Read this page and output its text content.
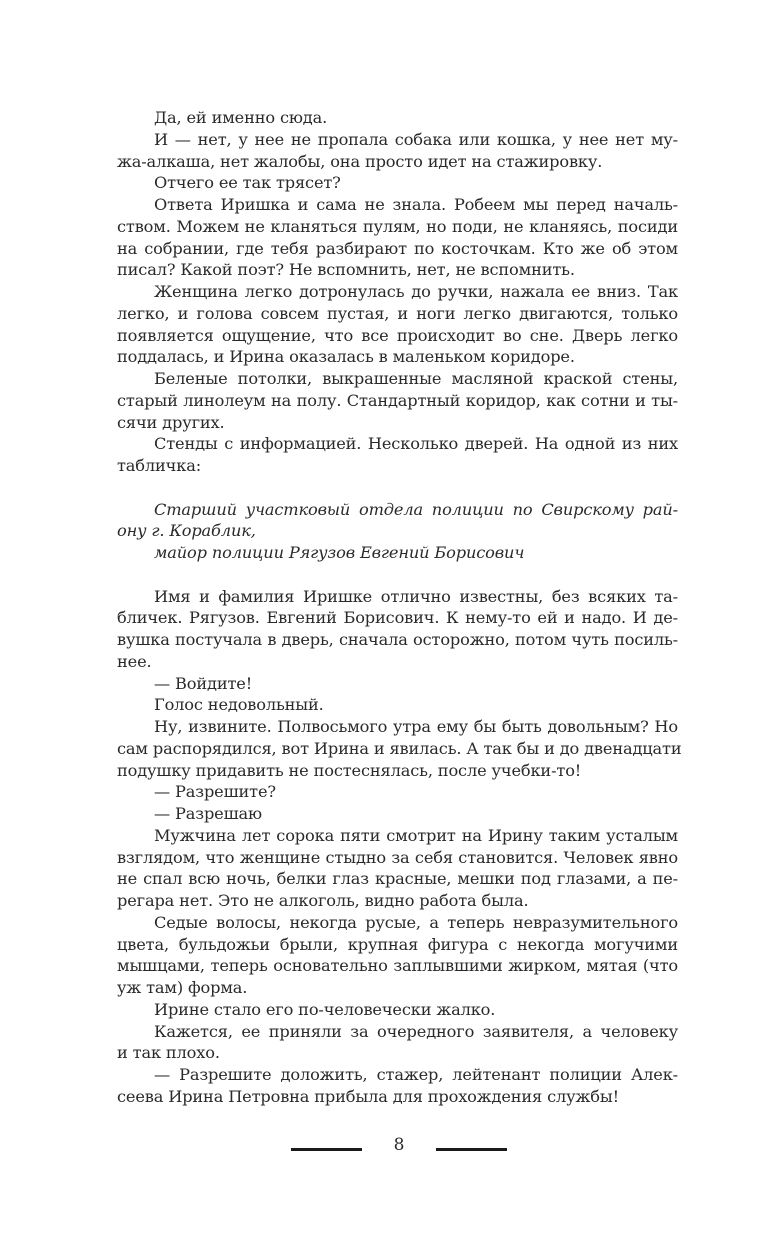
Да, ей именно сюда.
И — нет, у нее не пропала собака или кошка, у нее нет му-
жа-алкаша, нет жалобы, она просто идет на стажировку.
Отчего ее так трясет?
Ответа Иришка и сама не знала. Робеем мы перед началь-
ством. Можем не кланяться пулям, но поди, не кланяясь, посиди
на собрании, где тебя разбирают по косточкам. Кто же об этом
писал? Какой поэт? Не вспомнить, нет, не вспомнить.
Женщина легко дотронулась до ручки, нажала ее вниз. Так
легко, и голова совсем пустая, и ноги легко двигаются, только
появляется ощущение, что все происходит во сне. Дверь легко
поддалась, и Ирина оказалась в маленьком коридоре.
Беленые потолки, выкрашенные масляной краской стены,
старый линолеум на полу. Стандартный коридор, как сотни и ты-
сячи других.
Стенды с информацией. Несколько дверей. На одной из них
табличка:
Старший участковый отдела полиции по Свирскому рай-
ону г. Кораблик,
майор полиции Рягузов Евгений Борисович
Имя и фамилия Иришке отлично известны, без всяких та-
бличек. Рягузов. Евгений Борисович. К нему-то ей и надо. И де-
вушка постучала в дверь, сначала осторожно, потом чуть посиль-
нее.
— Войдите!
Голос недовольный.
Ну, извините. Полвосьмого утра ему бы быть довольным? Но
сам распорядился, вот Ирина и явилась. А так бы и до двенадцати
подушку придавить не постеснялась, после учебки-то!
— Разрешите?
— Разрешаю
Мужчина лет сорока пяти смотрит на Ирину таким усталым
взглядом, что женщине стыдно за себя становится. Человек явно
не спал всю ночь, белки глаз красные, мешки под глазами, а пе-
регара нет. Это не алкоголь, видно работа была.
Седые волосы, некогда русые, а теперь невразумительного
цвета, бульдожьи брыли, крупная фигура с некогда могучими
мышцами, теперь основательно заплывшими жирком, мятая (что
уж там) форма.
Ирине стало его по-человечески жалко.
Кажется, ее приняли за очередного заявителя, а человеку
и так плохо.
— Разрешите доложить, стажер, лейтенант полиции Алек-
сеева Ирина Петровна прибыла для прохождения службы!
8
